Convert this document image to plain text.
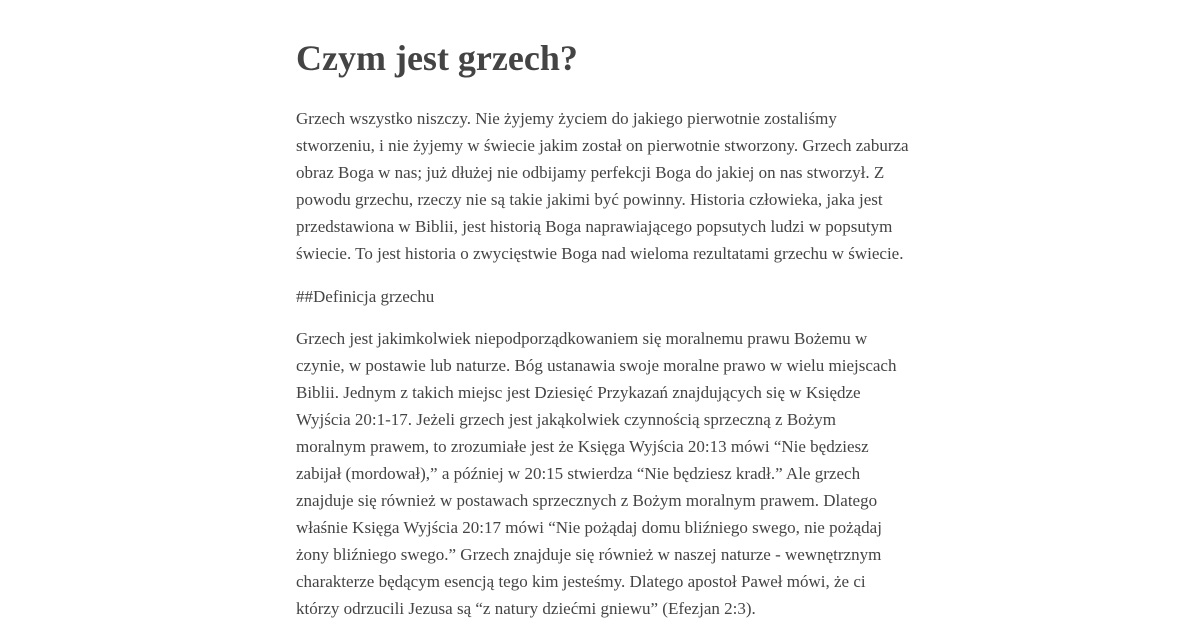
Czym jest grzech?

Grzech wszystko niszczy. Nie żyjemy życiem do jakiego pierwotnie zostaliśmy
stworzeniu, i nie żyjemy w świecie jakim został on pierwotnie stworzony. Grzech zaburza
obraz Boga w nas; już dłużej nie odbijamy perfekcji Boga do jakiej on nas stworzył. Z
powodu grzechu, rzeczy nie są takie jakimi być powinny. Historia człowieka, jaka jest
przedstawiona w Biblii, jest historią Boga naprawiającego popsutych ludzi w popsutym
świecie. To jest historia o zwycięstwie Boga nad wieloma rezultatami grzechu w świecie.

##Definicja grzechu

Grzech jest jakimkolwiek niepodporządkowaniem się moralnemu prawu Bożemu w
czynie, w postawie lub naturze. Bóg ustanawia swoje moralne prawo w wielu miejscach
Biblii. Jednym z takich miejsc jest Dziesięć Przykazań znajdujących się w Księdze
Wyjścia 20:1-17. Jeżeli grzech jest jakąkolwiek czynnością sprzeczną z Bożym
moralnym prawem, to zrozumiałe jest że Księga Wyjścia 20:13 mówi “Nie będziesz
zabijał (mordował),” a później w 20:15 stwierdza “Nie będziesz kradł.” Ale grzech
znajduje się również w postawach sprzecznych z Bożym moralnym prawem. Dlatego
właśnie Księga Wyjścia 20:17 mówi “Nie pożądaj domu bliźniego swego, nie pożądaj
żony bliźniego swego.” Grzech znajduje się również w naszej naturze - wewnętrznym
charakterze będącym esencją tego kim jesteśmy. Dlatego apostoł Paweł mówi, że ci
którzy odrzucili Jezusa są “z natury dziećmi gniewu” (Efezjan 2:3).
